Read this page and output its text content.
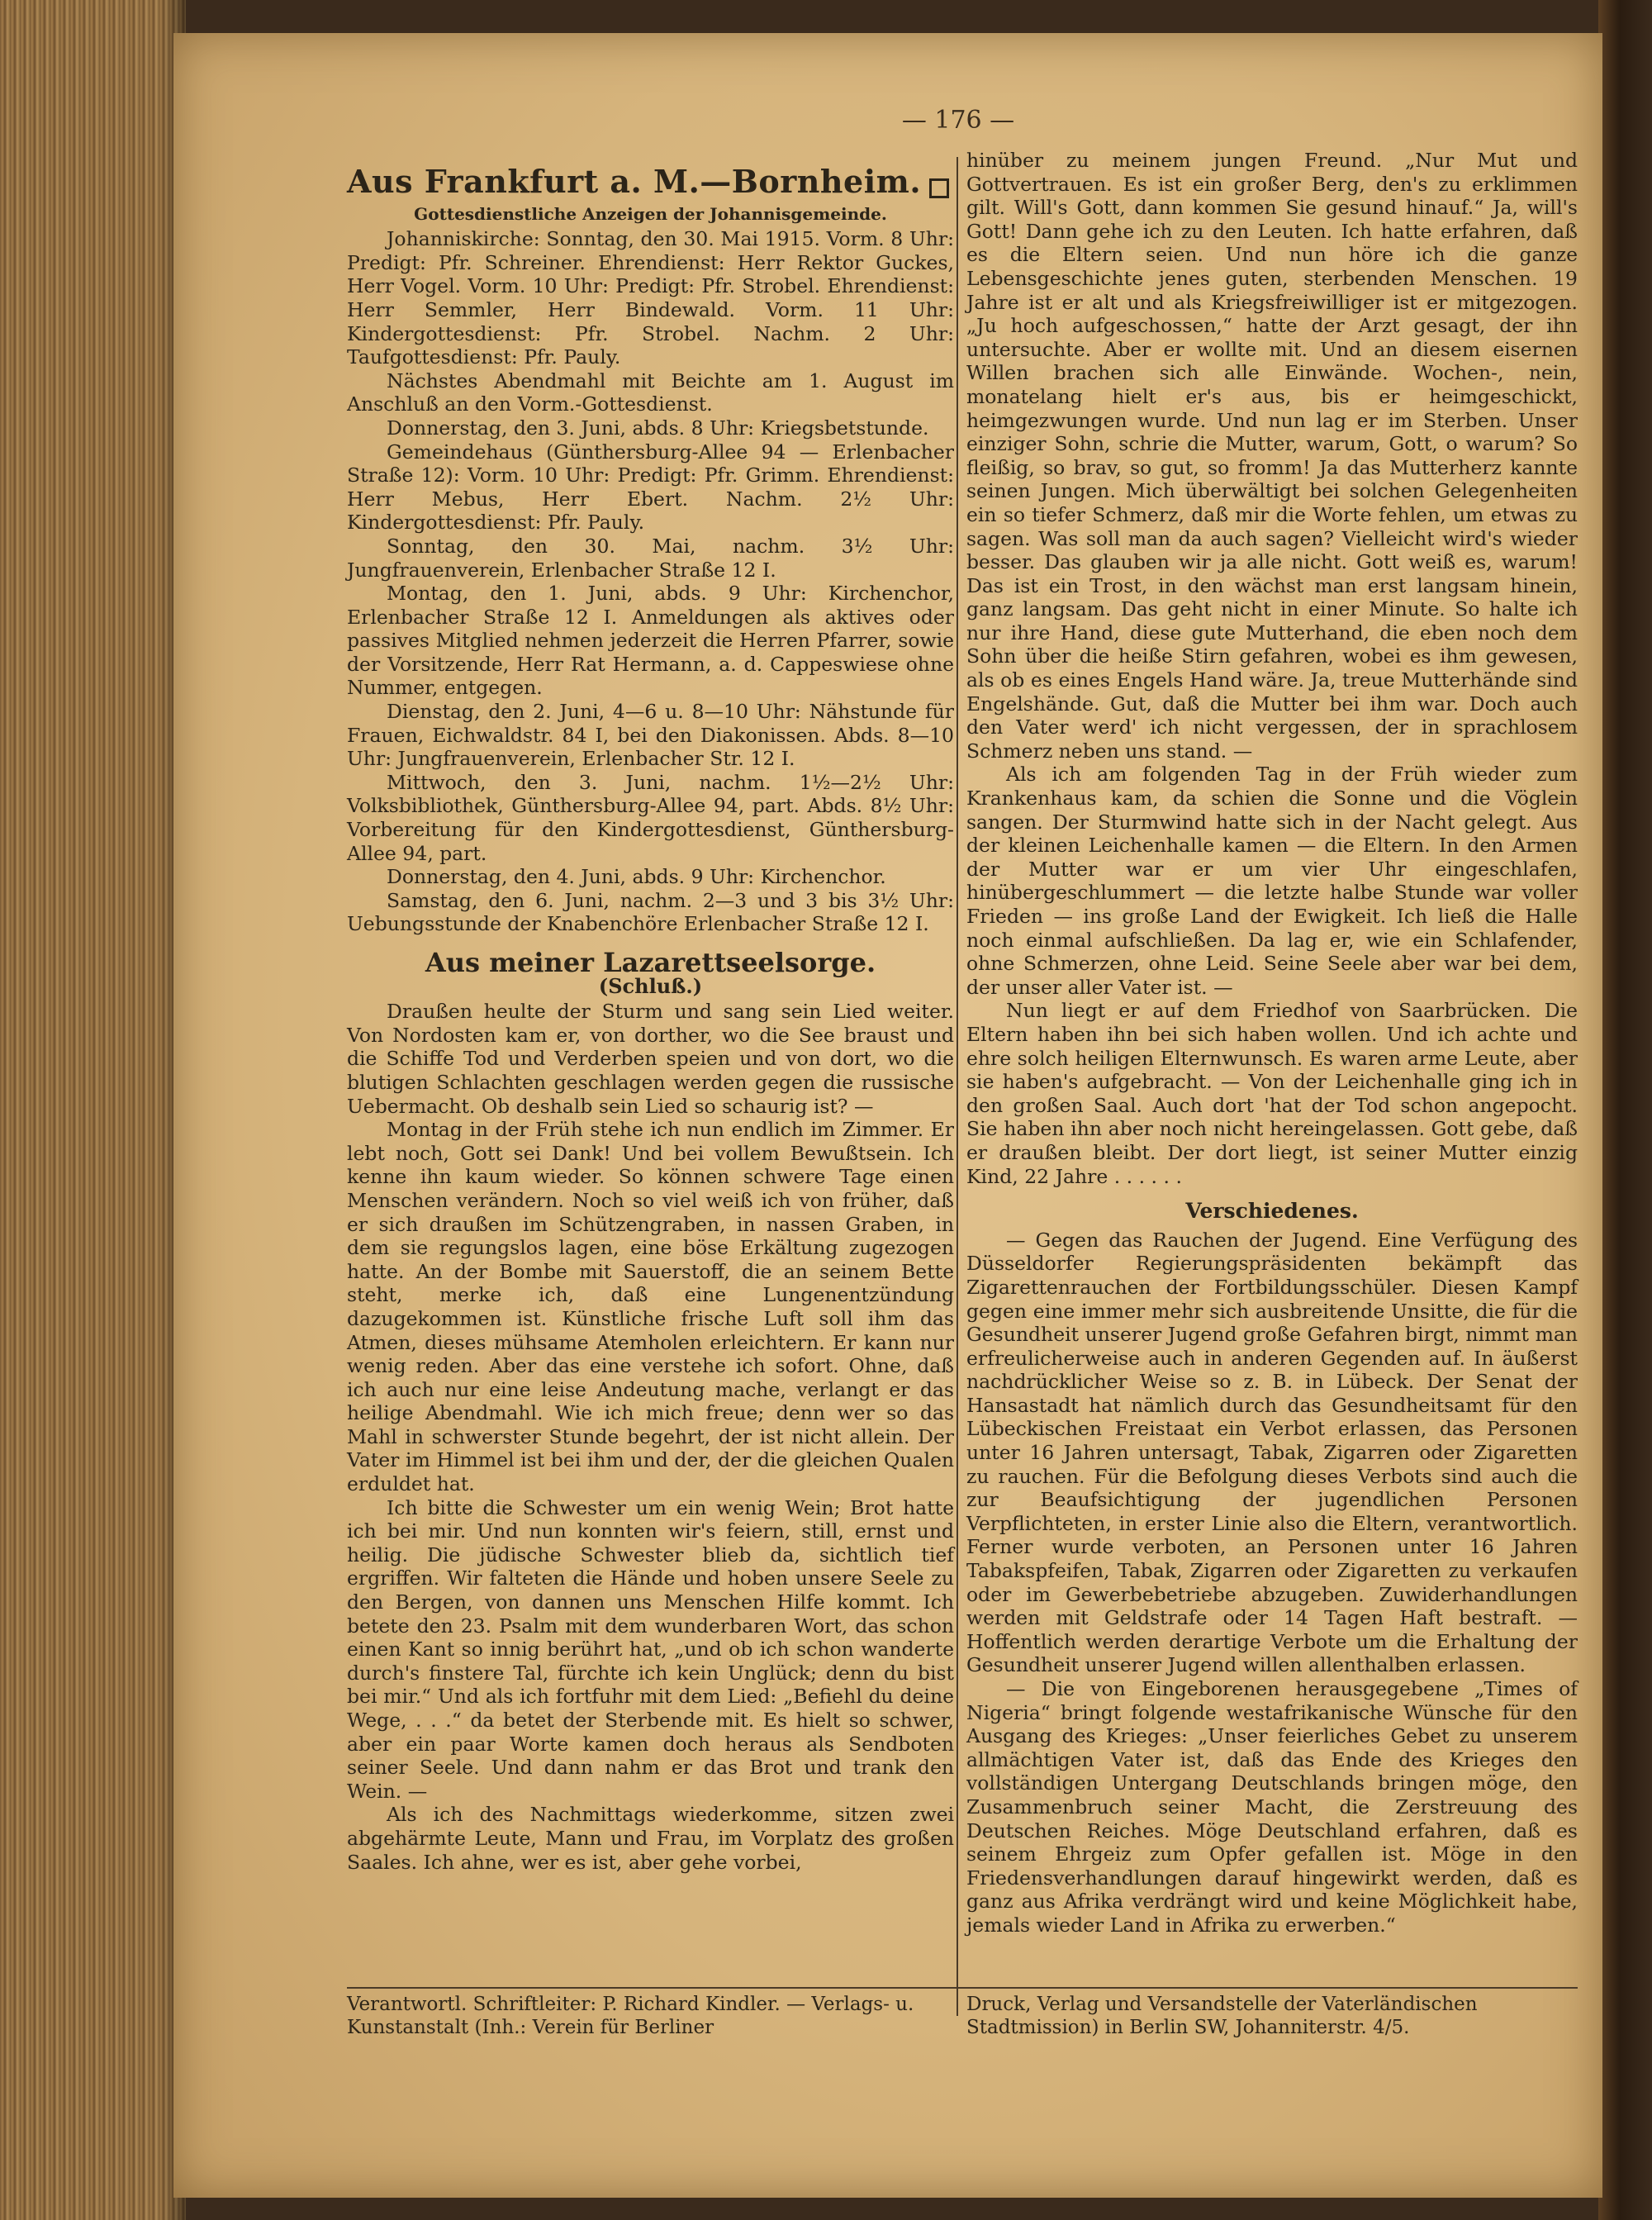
— 176 —
Aus Frankfurt a. M.—Bornheim.
Gottesdienstliche Anzeigen der Johannisgemeinde.

Johanniskirche: Sonntag, den 30. Mai 1915. Vorm. 8 Uhr: Predigt: Pfr. Schreiner. Ehrendienst: Herr Rektor Guckes, Herr Vogel. Vorm. 10 Uhr: Predigt: Pfr. Strobel. Ehrendienst: Herr Semmler, Herr Bindewald. Vorm. 11 Uhr: Kindergottesdienst: Pfr. Strobel. Nachm. 2 Uhr: Taufgottesdienst: Pfr. Pauly.

Nächstes Abendmahl mit Beichte am 1. August im Anschluß an den Vorm.-Gottesdienst.

Donnerstag, den 3. Juni, abds. 8 Uhr: Kriegsbetstunde.

Gemeindehaus (Günthersburg-Allee 94 — Erlenbacher Straße 12): Vorm. 10 Uhr: Predigt: Pfr. Grimm. Ehrendienst: Herr Mebus, Herr Ebert. Nachm. 2½ Uhr: Kindergottesdienst: Pfr. Pauly.

Sonntag, den 30. Mai, nachm. 3½ Uhr: Jungfrauenverein, Erlenbacher Straße 12 I.

Montag, den 1. Juni, abds. 9 Uhr: Kirchenchor, Erlenbacher Straße 12 I. Anmeldungen als aktives oder passives Mitglied nehmen jederzeit die Herren Pfarrer, sowie der Vorsitzende, Herr Rat Hermann, a. d. Cappeswiese ohne Nummer, entgegen.

Dienstag, den 2. Juni, 4—6 u. 8—10 Uhr: Nähstunde für Frauen, Eichwaldstr. 84 I, bei den Diakonissen. Abds. 8—10 Uhr: Jungfrauenverein, Erlenbacher Str. 12 I.

Mittwoch, den 3. Juni, nachm. 1½—2½ Uhr: Volksbibliothek, Günthersburg-Allee 94, part. Abds. 8½ Uhr: Vorbereitung für den Kindergottesdienst, Günthersburg-Allee 94, part.

Donnerstag, den 4. Juni, abds. 9 Uhr: Kirchenchor.

Samstag, den 6. Juni, nachm. 2—3 und 3 bis 3½ Uhr: Uebungsstunde der Knabenchöre Erlenbacher Straße 12 I.

Aus meiner Lazarettseelsorge.
(Schluß.)

Draußen heulte der Sturm und sang sein Lied weiter. Von Nordosten kam er, von dorther, wo die See braust und die Schiffe Tod und Verderben speien und von dort, wo die blutigen Schlachten geschlagen werden gegen die russische Uebermacht. Ob deshalb sein Lied so schaurig ist? —

Montag in der Früh stehe ich nun endlich im Zimmer. Er lebt noch, Gott sei Dank! Und bei vollem Bewußtsein. Ich kenne ihn kaum wieder. So können schwere Tage einen Menschen verändern. Noch so viel weiß ich von früher, daß er sich draußen im Schützengraben, in nassen Graben, in dem sie regungslos lagen, eine böse Erkältung zugezogen hatte. An der Bombe mit Sauerstoff, die an seinem Bette steht, merke ich, daß eine Lungenentzündung dazugekommen ist. Künstliche frische Luft soll ihm das Atmen, dieses mühsame Atemholen erleichtern. Er kann nur wenig reden. Aber das eine verstehe ich sofort. Ohne, daß ich auch nur eine leise Andeutung mache, verlangt er das heilige Abendmahl. Wie ich mich freue; denn wer so das Mahl in schwerster Stunde begehrt, der ist nicht allein. Der Vater im Himmel ist bei ihm und der, der die gleichen Qualen erduldet hat.

Ich bitte die Schwester um ein wenig Wein; Brot hatte ich bei mir. Und nun konnten wir's feiern, still, ernst und heilig. Die jüdische Schwester blieb da, sichtlich tief ergriffen. Wir falteten die Hände und hoben unsere Seele zu den Bergen, von dannen uns Menschen Hilfe kommt. Ich betete den 23. Psalm mit dem wunderbaren Wort, das schon einen Kant so innig berührt hat, „und ob ich schon wanderte durch's finstere Tal, fürchte ich kein Unglück; denn du bist bei mir.“ Und als ich fortfuhr mit dem Lied: „Befiehl du deine Wege, . . .“ da betet der Sterbende mit. Es hielt so schwer, aber ein paar Worte kamen doch heraus als Sendboten seiner Seele. Und dann nahm er das Brot und trank den Wein. —

Als ich des Nachmittags wiederkomme, sitzen zwei abgehärmte Leute, Mann und Frau, im Vorplatz des großen Saales. Ich ahne, wer es ist, aber gehe vorbei,

hinüber zu meinem jungen Freund. „Nur Mut und Gottvertrauen. Es ist ein großer Berg, den's zu erklimmen gilt. Will's Gott, dann kommen Sie gesund hinauf.“ Ja, will's Gott! Dann gehe ich zu den Leuten. Ich hatte erfahren, daß es die Eltern seien. Und nun höre ich die ganze Lebensgeschichte jenes guten, sterbenden Menschen. 19 Jahre ist er alt und als Kriegsfreiwilliger ist er mitgezogen. „Ju hoch aufgeschossen,“ hatte der Arzt gesagt, der ihn untersuchte. Aber er wollte mit. Und an diesem eisernen Willen brachen sich alle Einwände. Wochen-, nein, monatelang hielt er's aus, bis er heimgeschickt, heimgezwungen wurde. Und nun lag er im Sterben. Unser einziger Sohn, schrie die Mutter, warum, Gott, o warum? So fleißig, so brav, so gut, so fromm! Ja das Mutterherz kannte seinen Jungen. Mich überwältigt bei solchen Gelegenheiten ein so tiefer Schmerz, daß mir die Worte fehlen, um etwas zu sagen. Was soll man da auch sagen? Vielleicht wird's wieder besser. Das glauben wir ja alle nicht. Gott weiß es, warum! Das ist ein Trost, in den wächst man erst langsam hinein, ganz langsam. Das geht nicht in einer Minute. So halte ich nur ihre Hand, diese gute Mutterhand, die eben noch dem Sohn über die heiße Stirn gefahren, wobei es ihm gewesen, als ob es eines Engels Hand wäre. Ja, treue Mutterhände sind Engelshände. Gut, daß die Mutter bei ihm war. Doch auch den Vater werd' ich nicht vergessen, der in sprachlosem Schmerz neben uns stand. —

Als ich am folgenden Tag in der Früh wieder zum Krankenhaus kam, da schien die Sonne und die Vöglein sangen. Der Sturmwind hatte sich in der Nacht gelegt. Aus der kleinen Leichenhalle kamen — die Eltern. In den Armen der Mutter war er um vier Uhr eingeschlafen, hinübergeschlummert — die letzte halbe Stunde war voller Frieden — ins große Land der Ewigkeit. Ich ließ die Halle noch einmal aufschließen. Da lag er, wie ein Schlafender, ohne Schmerzen, ohne Leid. Seine Seele aber war bei dem, der unser aller Vater ist. —

Nun liegt er auf dem Friedhof von Saarbrücken. Die Eltern haben ihn bei sich haben wollen. Und ich achte und ehre solch heiligen Elternwunsch. Es waren arme Leute, aber sie haben's aufgebracht. — Von der Leichenhalle ging ich in den großen Saal. Auch dort 'hat der Tod schon angepocht. Sie haben ihn aber noch nicht hereingelassen. Gott gebe, daß er draußen bleibt. Der dort liegt, ist seiner Mutter einzig Kind, 22 Jahre . . . . . .

Verschiedenes.

— Gegen das Rauchen der Jugend. Eine Verfügung des Düsseldorfer Regierungspräsidenten bekämpft das Zigarettenrauchen der Fortbildungsschüler. Diesen Kampf gegen eine immer mehr sich ausbreitende Unsitte, die für die Gesundheit unserer Jugend große Gefahren birgt, nimmt man erfreulicherweise auch in anderen Gegenden auf. In äußerst nachdrücklicher Weise so z. B. in Lübeck. Der Senat der Hansastadt hat nämlich durch das Gesundheitsamt für den Lübeckischen Freistaat ein Verbot erlassen, das Personen unter 16 Jahren untersagt, Tabak, Zigarren oder Zigaretten zu rauchen. Für die Befolgung dieses Verbots sind auch die zur Beaufsichtigung der jugendlichen Personen Verpflichteten, in erster Linie also die Eltern, verantwortlich. Ferner wurde verboten, an Personen unter 16 Jahren Tabakspfeifen, Tabak, Zigarren oder Zigaretten zu verkaufen oder im Gewerbebetriebe abzugeben. Zuwiderhandlungen werden mit Geldstrafe oder 14 Tagen Haft bestraft. — Hoffentlich werden derartige Verbote um die Erhaltung der Gesundheit unserer Jugend willen allenthalben erlassen.

— Die von Eingeborenen herausgegebene „Times of Nigeria“ bringt folgende westafrikanische Wünsche für den Ausgang des Krieges: „Unser feierliches Gebet zu unserem allmächtigen Vater ist, daß das Ende des Krieges den vollständigen Untergang Deutschlands bringen möge, den Zusammenbruch seiner Macht, die Zerstreuung des Deutschen Reiches. Möge Deutschland erfahren, daß es seinem Ehrgeiz zum Opfer gefallen ist. Möge in den Friedensverhandlungen darauf hingewirkt werden, daß es ganz aus Afrika verdrängt wird und keine Möglichkeit habe, jemals wieder Land in Afrika zu erwerben.“

Verantwortl. Schriftleiter: P. Richard Kindler. — Verlags- u. Kunstanstalt (Inh.: Verein für Berliner
Druck, Verlag und Versandstelle der Vaterländischen Stadtmission) in Berlin SW, Johanniterstr. 4/5.
